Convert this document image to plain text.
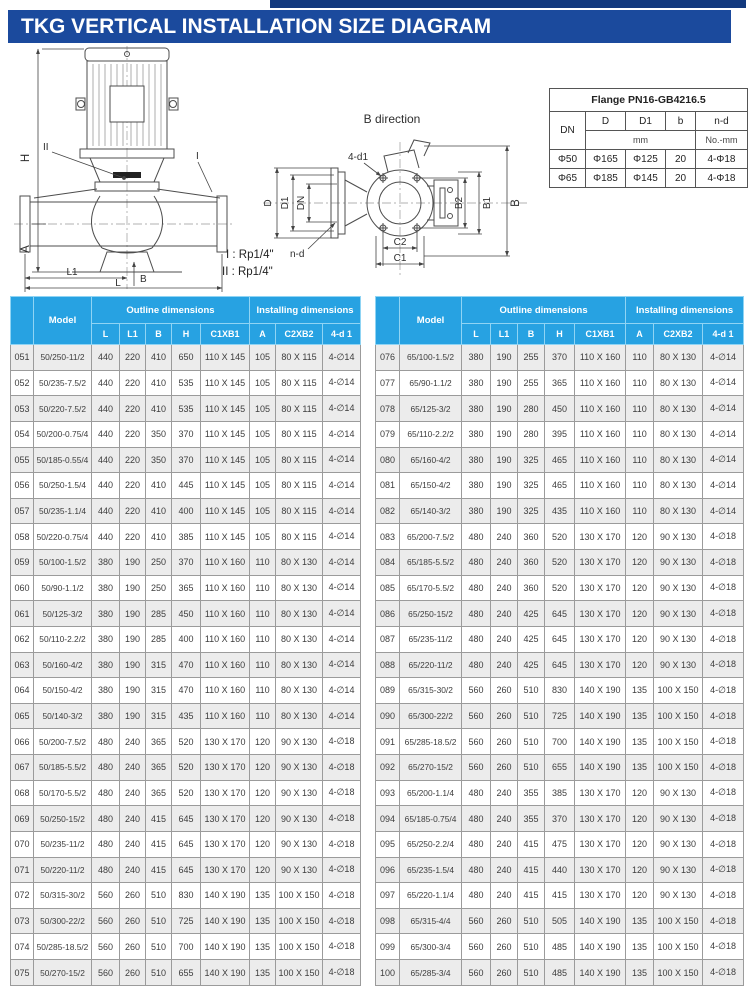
TKG VERTICAL INSTALLATION SIZE DIAGRAM
H
A
II
I
L1
L B
B direction
4-d1
D D1 DN
n-d
B2 B1 B
C2
C1
I : Rp1/4"
II : Rp1/4"
Flange PN16-GB4216.5				
DN	D	D1	b	n-d
	mm			No.-mm
Φ50	Φ165	Φ125	20	4-Φ18
Φ65	Φ185	Φ145	20	4-Φ18
	Model	Outline dimensions					Installing dimensions		
		L	L1	B	H	C1XB1	A	C2XB2	4-d 1
051	50/250-11/2	440	220	410	650	110 X 145	105	80 X 115	4-∅14
052	50/235-7.5/2	440	220	410	535	110 X 145	105	80 X 115	4-∅14
053	50/220-7.5/2	440	220	410	535	110 X 145	105	80 X 115	4-∅14
054	50/200-0.75/4	440	220	350	370	110 X 145	105	80 X 115	4-∅14
055	50/185-0.55/4	440	220	350	370	110 X 145	105	80 X 115	4-∅14
056	50/250-1.5/4	440	220	410	445	110 X 145	105	80 X 115	4-∅14
057	50/235-1.1/4	440	220	410	400	110 X 145	105	80 X 115	4-∅14
058	50/220-0.75/4	440	220	410	385	110 X 145	105	80 X 115	4-∅14
059	50/100-1.5/2	380	190	250	370	110 X 160	110	80 X 130	4-∅14
060	50/90-1.1/2	380	190	250	365	110 X 160	110	80 X 130	4-∅14
061	50/125-3/2	380	190	285	450	110 X 160	110	80 X 130	4-∅14
062	50/110-2.2/2	380	190	285	400	110 X 160	110	80 X 130	4-∅14
063	50/160-4/2	380	190	315	470	110 X 160	110	80 X 130	4-∅14
064	50/150-4/2	380	190	315	470	110 X 160	110	80 X 130	4-∅14
065	50/140-3/2	380	190	315	435	110 X 160	110	80 X 130	4-∅14
066	50/200-7.5/2	480	240	365	520	130 X 170	120	90 X 130	4-∅18
067	50/185-5.5/2	480	240	365	520	130 X 170	120	90 X 130	4-∅18
068	50/170-5.5/2	480	240	365	520	130 X 170	120	90 X 130	4-∅18
069	50/250-15/2	480	240	415	645	130 X 170	120	90 X 130	4-∅18
070	50/235-11/2	480	240	415	645	130 X 170	120	90 X 130	4-∅18
071	50/220-11/2	480	240	415	645	130 X 170	120	90 X 130	4-∅18
072	50/315-30/2	560	260	510	830	140 X 190	135	100 X 150	4-∅18
073	50/300-22/2	560	260	510	725	140 X 190	135	100 X 150	4-∅18
074	50/285-18.5/2	560	260	510	700	140 X 190	135	100 X 150	4-∅18
075	50/270-15/2	560	260	510	655	140 X 190	135	100 X 150	4-∅18
	Model	Outline dimensions					Installing dimensions		
		L	L1	B	H	C1XB1	A	C2XB2	4-d 1
076	65/100-1.5/2	380	190	255	370	110 X 160	110	80 X 130	4-∅14
077	65/90-1.1/2	380	190	255	365	110 X 160	110	80 X 130	4-∅14
078	65/125-3/2	380	190	280	450	110 X 160	110	80 X 130	4-∅14
079	65/110-2.2/2	380	190	280	395	110 X 160	110	80 X 130	4-∅14
080	65/160-4/2	380	190	325	465	110 X 160	110	80 X 130	4-∅14
081	65/150-4/2	380	190	325	465	110 X 160	110	80 X 130	4-∅14
082	65/140-3/2	380	190	325	435	110 X 160	110	80 X 130	4-∅14
083	65/200-7.5/2	480	240	360	520	130 X 170	120	90 X 130	4-∅18
084	65/185-5.5/2	480	240	360	520	130 X 170	120	90 X 130	4-∅18
085	65/170-5.5/2	480	240	360	520	130 X 170	120	90 X 130	4-∅18
086	65/250-15/2	480	240	425	645	130 X 170	120	90 X 130	4-∅18
087	65/235-11/2	480	240	425	645	130 X 170	120	90 X 130	4-∅18
088	65/220-11/2	480	240	425	645	130 X 170	120	90 X 130	4-∅18
089	65/315-30/2	560	260	510	830	140 X 190	135	100 X 150	4-∅18
090	65/300-22/2	560	260	510	725	140 X 190	135	100 X 150	4-∅18
091	65/285-18.5/2	560	260	510	700	140 X 190	135	100 X 150	4-∅18
092	65/270-15/2	560	260	510	655	140 X 190	135	100 X 150	4-∅18
093	65/200-1.1/4	480	240	355	385	130 X 170	120	90 X 130	4-∅18
094	65/185-0.75/4	480	240	355	370	130 X 170	120	90 X 130	4-∅18
095	65/250-2.2/4	480	240	415	475	130 X 170	120	90 X 130	4-∅18
096	65/235-1.5/4	480	240	415	440	130 X 170	120	90 X 130	4-∅18
097	65/220-1.1/4	480	240	415	415	130 X 170	120	90 X 130	4-∅18
098	65/315-4/4	560	260	510	505	140 X 190	135	100 X 150	4-∅18
099	65/300-3/4	560	260	510	485	140 X 190	135	100 X 150	4-∅18
100	65/285-3/4	560	260	510	485	140 X 190	135	100 X 150	4-∅18
